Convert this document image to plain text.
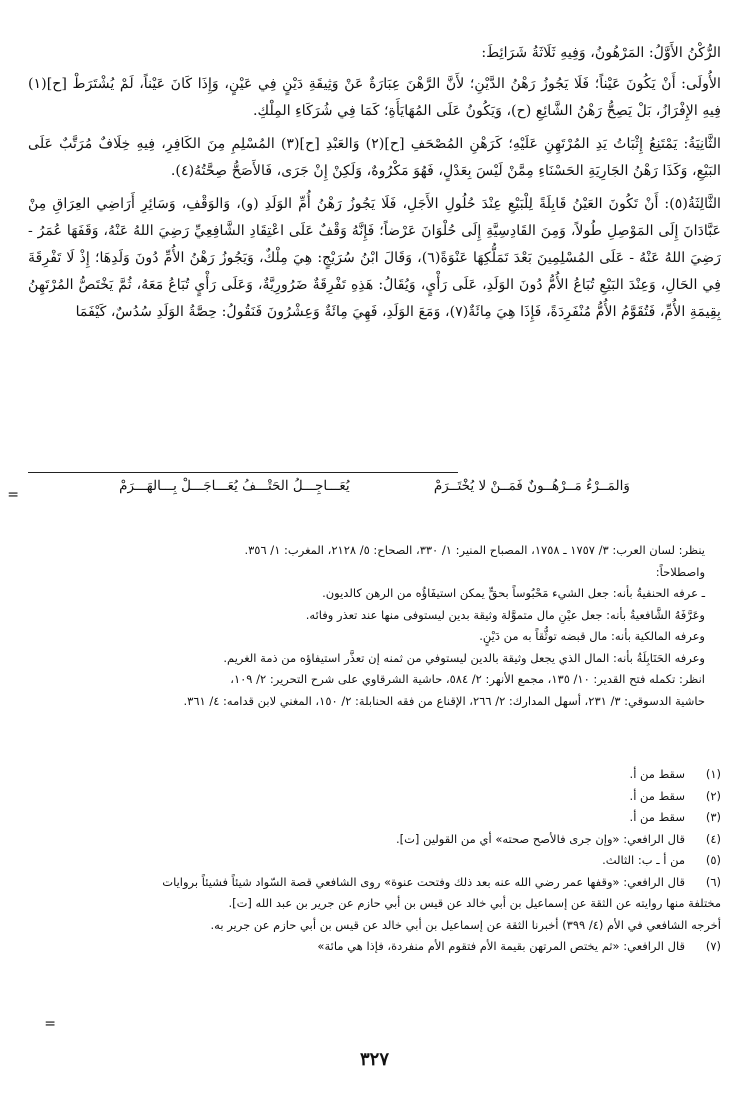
الرُّكْنُ الأَوَّلُ: المَرْهُونُ، وَفِيهِ ثَلَاثَةُ شَرَائِطَ:

الأُولَى: أَنْ يَكُونَ عَيْناً؛ فَلَا يَجُوزُ رَهْنُ الدَّيْنِ؛ لأَنَّ الرَّهْنَ عِبَارَةٌ عَنْ وَثِيقَةِ دَيْنٍ فِي عَيْنٍ، وَإِذَا كَانَ عَيْناً، لَمْ يُشْتَرَطْ [ح](١) فِيهِ الإِفْرَازُ، بَلْ يَصِحُّ رَهْنُ الشَّائِعِ (ح)، وَيَكُونُ عَلَى المُهَايَأَةِ؛ كَمَا فِي شُرَكَاءِ المِلْكِ.

الثَّانِيَةُ: يَمْتَنِعُ إِثْبَاتُ يَدِ المُرْتَهِنِ عَلَيْهِ؛ كَرَهْنِ المُصْحَفِ [ح](٢) وَالعَبْدِ [ح](٣) المُسْلِمِ مِنَ الكَافِرِ، فِيهِ خِلَافٌ مُرَتَّبٌ عَلَى البَيْعِ، وَكَذَا رَهْنُ الجَارِيَةِ الحَسْنَاءِ مِمَّنْ لَيْسَ بِعَدْلٍ، فَهُوَ مَكْرُوهٌ، وَلَكِنْ إِنْ جَرَى، فَالأَصَحُّ صِحَّتُهُ(٤).

الثَّالِثَةُ(٥): أَنْ تَكُونَ العَيْنُ قَابِلَةً لِلْبَيْعِ عِنْدَ حُلُولِ الأَجَلِ، فَلَا يَجُوزُ رَهْنُ أُمِّ الوَلَدِ (و)، وَالوَقْفِ، وَسَائِرِ أَرَاضِي العِرَاقِ مِنْ عَبَّادَانَ إِلَى المَوْصِلِ طُولاً، وَمِنَ القَادِسِيَّةِ إِلَى حُلْوَانَ عَرْضاً؛ فَإِنَّهُ وَقْفٌ عَلَى اعْتِقَادِ الشَّافِعِيِّ رَضِيَ اللهُ عَنْهُ، وَقَفَهَا عُمَرُ - رَضِيَ اللهُ عَنْهُ - عَلَى المُسْلِمِينَ بَعْدَ تَمَلُّكِهَا عَنْوَةً(٦)، وَقَالَ ابْنُ سُرَيْجٍ: هِيَ مِلْكٌ، وَيَجُوزُ رَهْنُ الأُمِّ دُونَ وَلَدِهَا؛ إِذْ لَا تَفْرِقَةَ فِي الحَالِ، وَعِنْدَ البَيْعِ تُبَاعُ الأُمُّ دُونَ الوَلَدِ، عَلَى رَأْيٍ، وَيُقَالُ: هَذِهِ تَفْرِقَةٌ ضَرُورِيَّةٌ، وَعَلَى رَأْيٍ تُبَاعُ مَعَهُ، ثُمَّ يَخْتَصُّ المُرْتَهِنُ بِقِيمَةِ الأُمِّ، فَتُقَوَّمُ الأُمُّ مُنْفَرِدَةً، فَإِذَا هِيَ مِائَةٌ(٧)، وَمَعَ الوَلَدِ، فَهِيَ مِائَةٌ وَعِشْرُونَ فَنَقُولُ: حِصَّةُ الوَلَدِ سُدُسٌ، كَيْفَمَا

=
وَالمَــرْءُ مَــرْهُــونٌ فَمَــنْ لا يُخْتَــرَمْ يُعَـــاجِـــلُ الحَتْـــفُ يُعَـــاجَـــلْ بِـــالهَـــرَمْ

ينظر: لسان العرب: ٣/ ١٧٥٧ ـ ١٧٥٨، المصباح المنير: ١/ ٣٣٠، الصحاح: ٥/ ٢١٢٨، المغرب: ١/ ٣٥٦.

واصطلاحاً:

ـ عرفه الحنفيةُ بأنه: جعل الشيء مَحْبُوساً بحقٍّ يمكن استيفَاؤُه من الرهن كالديون.

وعَرَّفَهُ الشَّافعيةُ بأنه: جعل عيْنِ مال متموَّلة وثيقة بدين ليستوفى منها عند تعذر وفائه.

وعرفه المالكية بأنه: مال قبضه توثُّقاً به من دَيْنٍ.

وعرفه الحَنَابِلَةُ بأنه: المال الذي يجعل وثيقة بالدين ليستوفي من ثمنه إن تعذَّر استيفاؤه من ذمة الغريم.

انظر: تكمله فتح القدير: ١٠/ ١٣٥، مجمع الأنهر: ٢/ ٥٨٤، حاشية الشرقاوي على شرح التحرير: ٢/ ١٠٩،

حاشية الدسوقي: ٣/ ٢٣١، أسهل المدارك: ٢/ ٢٦٦، الإقناع من فقه الحنابلة: ٢/ ١٥٠، المغني لابن قدامه: ٤/ ٣٦١.

(١)
سقط من أ.
(٢)
سقط من أ.
(٣)
سقط من أ.
(٤)
قال الرافعي: «وإن جرى فالأصح صحته» أي من القولين [ت].
(٥)
من أ ـ ب: الثالث.
(٦)
قال الرافعي: «وقفها عمر رضي الله عنه بعد ذلك وفتحت عنوة» روى الشافعي قصة السّواد شيئاً فشيئاً بروايات
مختلفة منها روايته عن الثقة عن إسماعيل بن أبي خالد عن قيس بن أبي حازم عن جرير بن عبد الله [ت].
أخرجه الشافعي في الأم (٤/ ٣٩٩) أخبرنا الثقة عن إسماعيل بن أبي خالد عن قيس بن أبي حازم عن جرير به.
(٧)
قال الرافعي: «ثم يختص المرتهن بقيمة الأم فتقوم الأم منفردة، فإذا هي مائة»
=
٣٢٧
